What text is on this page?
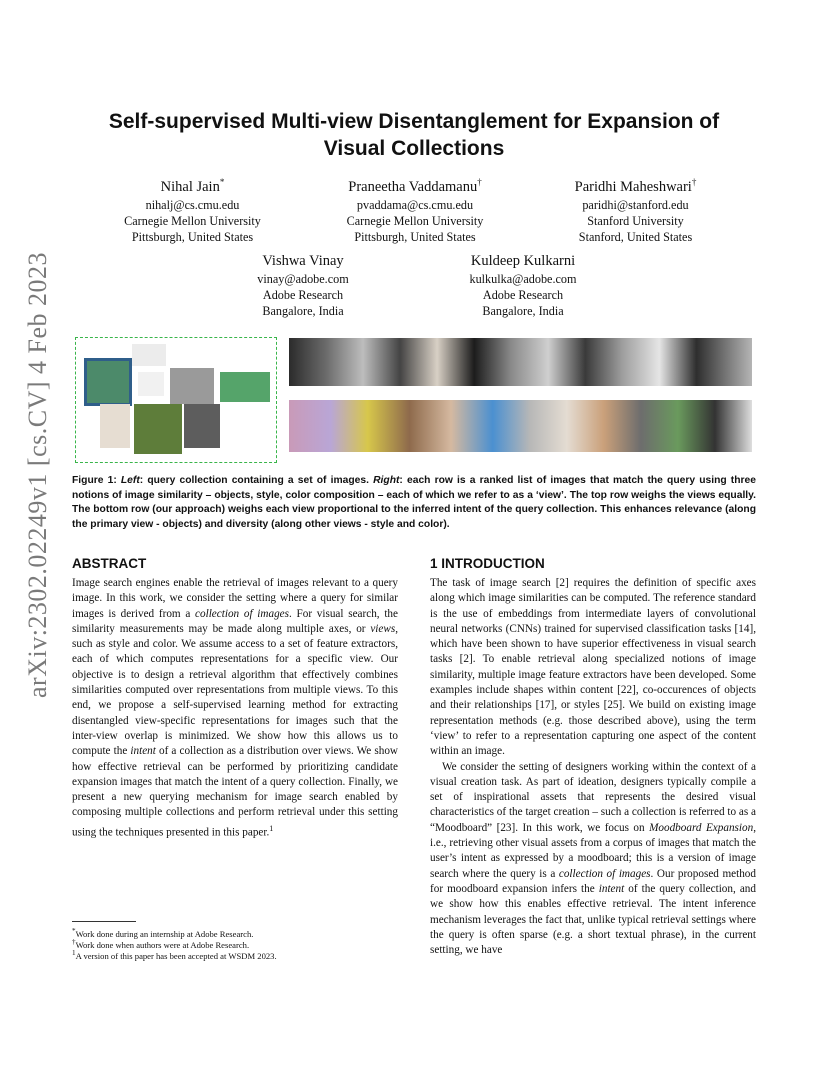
arXiv:2302.02249v1 [cs.CV] 4 Feb 2023
Self-supervised Multi-view Disentanglement for Expansion of
Visual Collections
Nihal Jain*
nihalj@cs.cmu.edu
Carnegie Mellon University
Pittsburgh, United States
Praneetha Vaddamanu†
pvaddama@cs.cmu.edu
Carnegie Mellon University
Pittsburgh, United States
Paridhi Maheshwari†
paridhi@stanford.edu
Stanford University
Stanford, United States
Vishwa Vinay
vinay@adobe.com
Adobe Research
Bangalore, India
Kuldeep Kulkarni
kulkulka@adobe.com
Adobe Research
Bangalore, India
Figure 1: Left: query collection containing a set of images. Right: each row is a ranked list of images that match the query using three notions of image similarity – objects, style, color composition – each of which we refer to as a ‘view’. The top row weighs the views equally. The bottom row (our approach) weighs each view proportional to the inferred intent of the query collection. This enhances relevance (along the primary view - objects) and diversity (along other views - style and color).
ABSTRACT

Image search engines enable the retrieval of images relevant to a query image. In this work, we consider the setting where a query for similar images is derived from a collection of images. For visual search, the similarity measurements may be made along multiple axes, or views, such as style and color. We assume access to a set of feature extractors, each of which computes representations for a specific view. Our objective is to design a retrieval algorithm that effectively combines similarities computed over representations from multiple views. To this end, we propose a self-supervised learning method for extracting disentangled view-specific representations for images such that the inter-view overlap is minimized. We show how this allows us to compute the intent of a collection as a distribution over views. We show how effective retrieval can be performed by prioritizing candidate expansion images that match the intent of a query collection. Finally, we present a new querying mechanism for image search enabled by composing multiple collections and perform retrieval under this setting using the techniques presented in this paper.$^1$

*Work done during an internship at Adobe Research.
†Work done when authors were at Adobe Research.
$^1$A version of this paper has been accepted at WSDM 2023.
1 INTRODUCTION

The task of image search [2] requires the definition of specific axes along which image similarities can be computed. The reference standard is the use of embeddings from intermediate layers of convolutional neural networks (CNNs) trained for supervised classification tasks [14], which have been shown to have superior effectiveness in visual search tasks [2]. To enable retrieval along specialized notions of image similarity, multiple image feature extractors have been developed. Some examples include shapes within content [22], co-occurences of objects and their relationships [17], or styles [25]. We build on existing image representation methods (e.g. those described above), using the term ‘view’ to refer to a representation capturing one aspect of the content within an image.

We consider the setting of designers working within the context of a visual creation task. As part of ideation, designers typically compile a set of inspirational assets that represents the desired visual characteristics of the target creation – such a collection is referred to as a “Moodboard” [23]. In this work, we focus on Moodboard Expansion, i.e., retrieving other visual assets from a corpus of images that match the user’s intent as expressed by a moodboard; this is a version of image search where the query is a collection of images. Our proposed method for moodboard expansion infers the intent of the query collection, and we show how this enables effective retrieval. The intent inference mechanism leverages the fact that, unlike typical retrieval settings where the query is often sparse (e.g. a short textual phrase), in the current setting, we have
